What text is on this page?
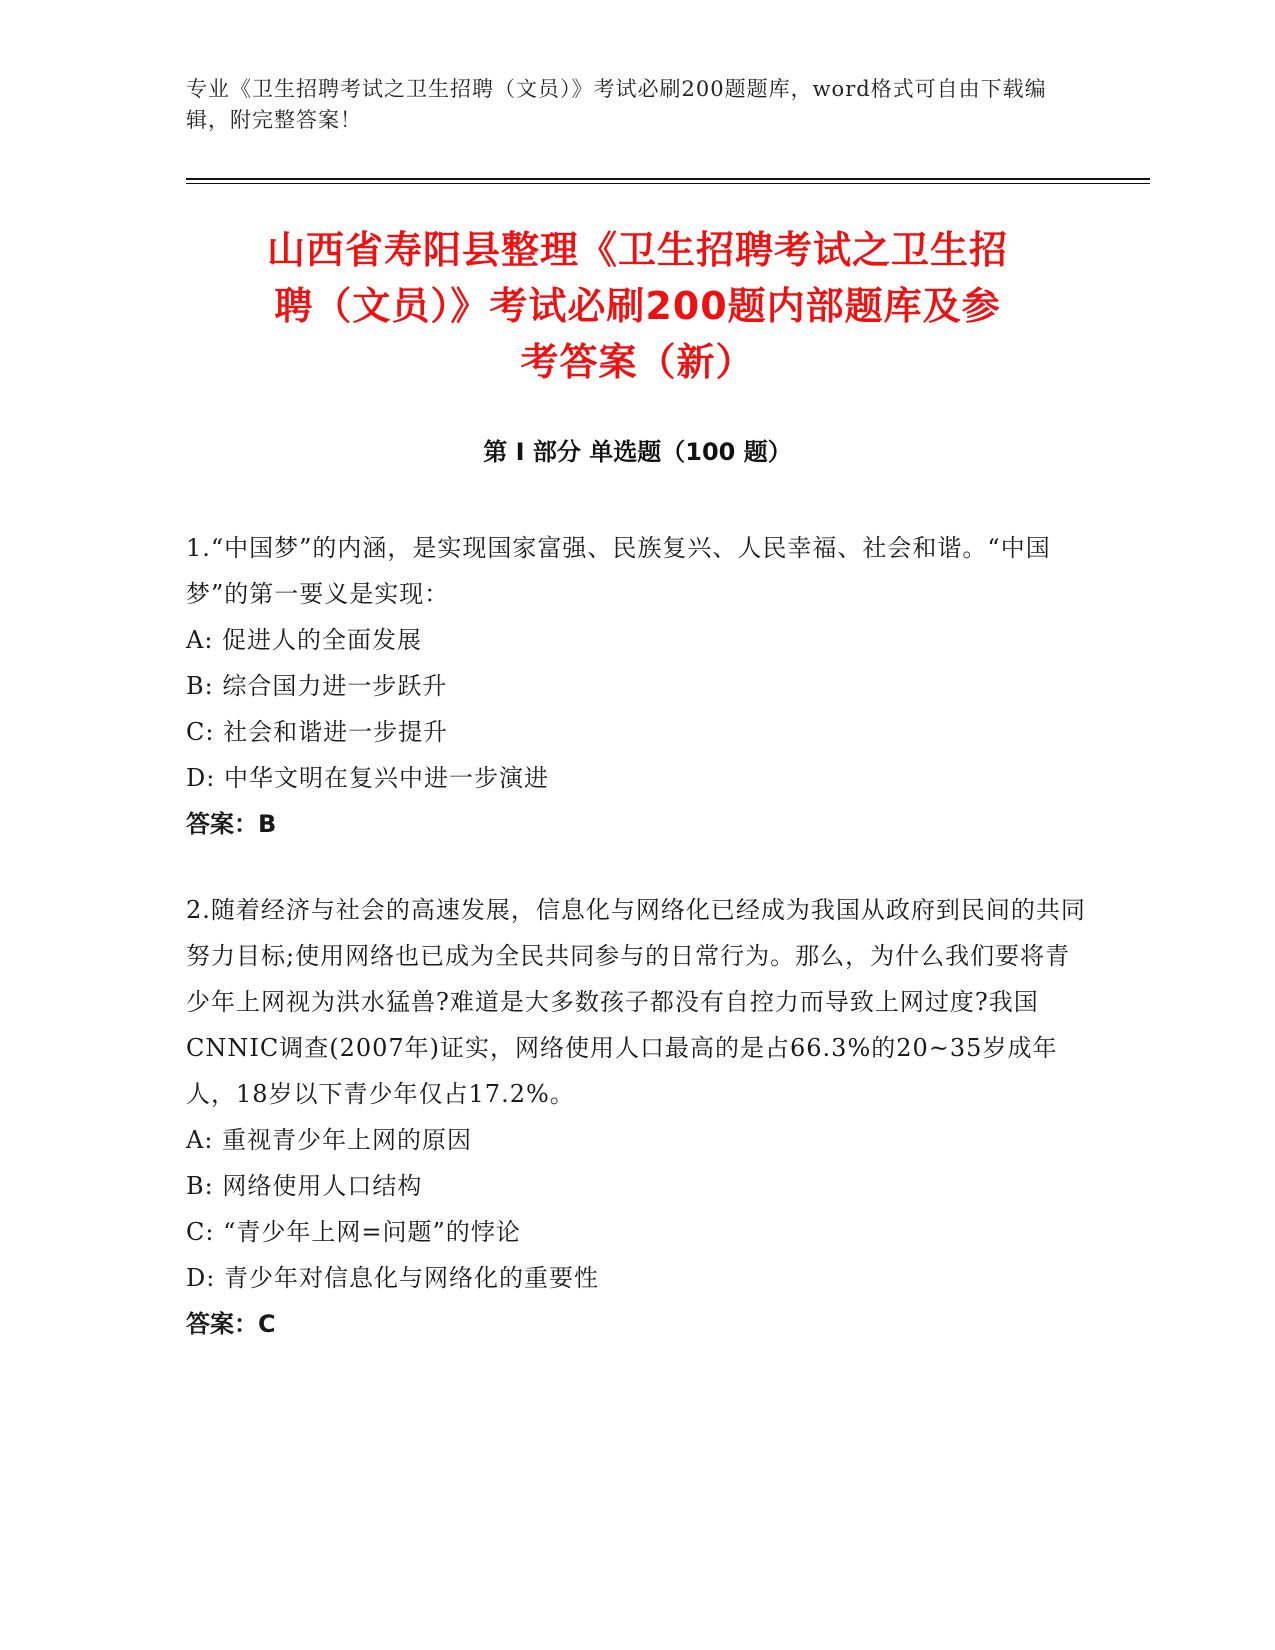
专业《卫生招聘考试之卫生招聘（文员）》考试必刷200题题库，word格式可自由下载编辑，附完整答案！
山西省寿阳县整理《卫生招聘考试之卫生招
聘（文员）》考试必刷200题内部题库及参
考答案（新）
第 I 部分 单选题（100 题）
1.“中国梦”的内涵，是实现国家富强、民族复兴、人民幸福、社会和谐。“中国梦”的第一要义是实现：
A: 促进人的全面发展
B: 综合国力进一步跃升
C: 社会和谐进一步提升
D: 中华文明在复兴中进一步演进
答案：B
2.随着经济与社会的高速发展，信息化与网络化已经成为我国从政府到民间的共同努力目标;使用网络也已成为全民共同参与的日常行为。那么，为什么我们要将青少年上网视为洪水猛兽?难道是大多数孩子都没有自控力而导致上网过度?我国CNNIC调查(2007年)证实，网络使用人口最高的是占66.3%的20~35岁成年人，18岁以下青少年仅占17.2%。
A: 重视青少年上网的原因
B: 网络使用人口结构
C: “青少年上网=问题”的悖论
D: 青少年对信息化与网络化的重要性
答案：C
